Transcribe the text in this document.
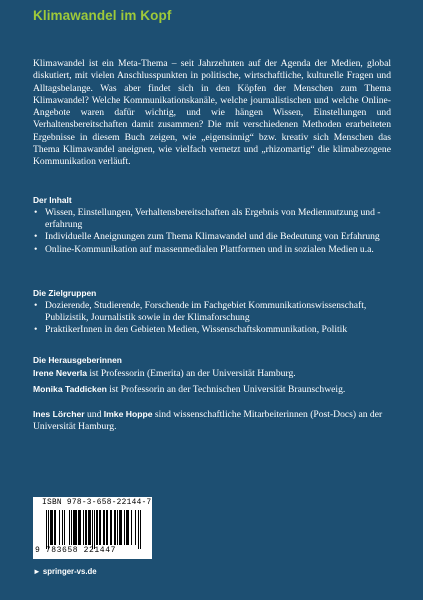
Klimawandel im Kopf

Klimawandel ist ein Meta-Thema – seit Jahrzehnten auf der Agenda der Medien, global diskutiert, mit vielen Anschlusspunkten in politische, wirtschaftliche, kulturelle Fragen und Alltagsbelange. Was aber findet sich in den Köpfen der Menschen zum Thema Klimawandel? Welche Kommunikationskanäle, welche journalistischen und welche Online-Angebote waren dafür wichtig, und wie hängen Wissen, Einstellungen und Verhaltensbereitschaften damit zusammen? Die mit verschiedenen Methoden erarbeiteten Ergebnisse in diesem Buch zeigen, wie „eigensinnig“ bzw. kreativ sich Menschen das Thema Klimawandel aneignen, wie vielfach vernetzt und „rhizomartig“ die klimabezogene Kommunikation verläuft.

Der Inhalt
• Wissen, Einstellungen, Verhaltensbereitschaften als Ergebnis von Mediennutzung und -erfahrung
• Individuelle Aneignungen zum Thema Klimawandel und die Bedeutung von Erfahrung
• Online-Kommunikation auf massenmedialen Plattformen und in sozialen Medien u.a.
Die Zielgruppen
• Dozierende, Studierende, Forschende im Fachgebiet Kommunikationswissenschaft, Publizistik, Journalistik sowie in der Klimaforschung
• PraktikerInnen in den Gebieten Medien, Wissenschaftskommunikation, Politik
Die Herausgeberinnen

Irene Neverla ist Professorin (Emerita) an der Universität Hamburg.

Monika Taddicken ist Professorin an der Technischen Universität Braunschweig.

Ines Lörcher und Imke Hoppe sind wissenschaftliche Mitarbeiterinnen (Post-Docs) an der Universität Hamburg.

ISBN 978-3-658-22144-7
9 783658 221447
► springer-vs.de
